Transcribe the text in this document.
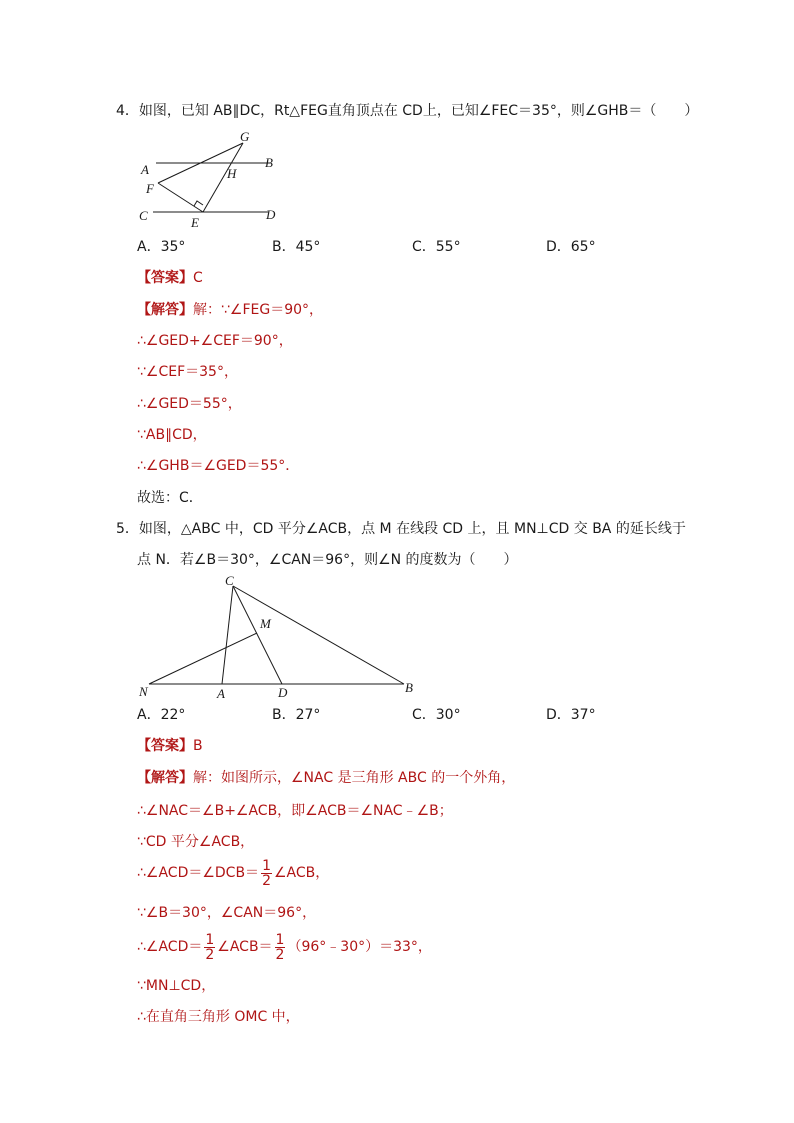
4．如图，已知 AB∥DC，Rt△FEG直角顶点在 CD上，已知∠FEC＝35°，则∠GHB＝（　　）
G
A	B
H
F
C	E
D
A．35°	B．45°	C．55°	D．65°
【答案】C
【解答】解：∵∠FEG＝90°，
∴∠GED+∠CEF＝90°，
∵∠CEF＝35°，
∴∠GED＝55°，
∵AB∥CD，
∴∠GHB＝∠GED＝55°．
故选：C．
5．如图，△ABC 中，CD 平分∠ACB，点 M 在线段 CD 上，且 MN⊥CD 交 BA 的延长线于
点 N．若∠B＝30°，∠CAN＝96°，则∠N 的度数为（　　）
C
M
N	A	D	B
A．22°	B．27°	C．30°	D．37°
【答案】B
【解答】解：如图所示，∠NAC 是三角形 ABC 的一个外角，
∴∠NAC＝∠B+∠ACB，即∠ACB＝∠NAC﹣∠B；
∵CD 平分∠ACB，
∴∠ACD＝∠DCB＝ $\frac{1}{2}$ ∠ACB，
∵∠B＝30°，∠CAN＝96°，
∴∠ACD＝ $\frac{1}{2}$ ∠ACB＝ $\frac{1}{2}$ （96°﹣30°）＝33°，
∵MN⊥CD，
∴在直角三角形 OMC 中，
